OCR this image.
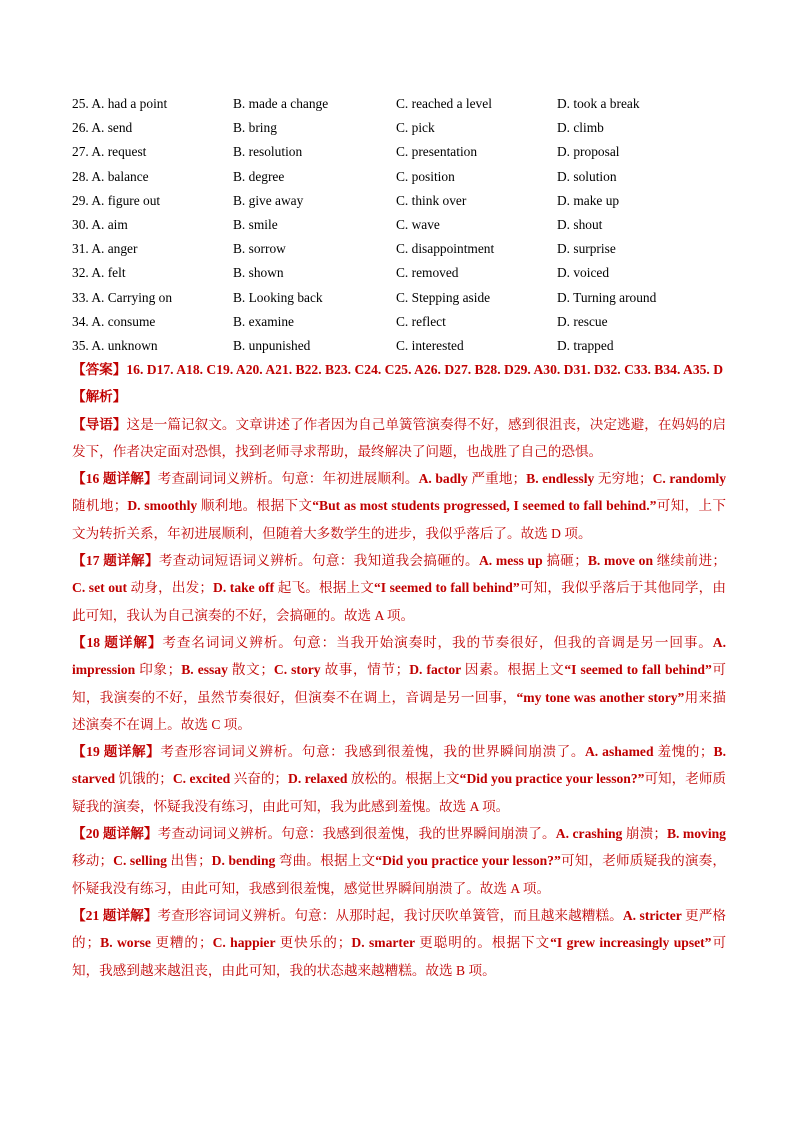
25. A. had a point	B. made a change	C. reached a level	D. took a break
26. A. send	B. bring	C. pick	D. climb
27. A. request	B. resolution	C. presentation	D. proposal
28. A. balance	B. degree	C. position	D. solution
29. A. figure out	B. give away	C. think over	D. make up
30. A. aim	B. smile	C. wave	D. shout
31. A. anger	B. sorrow	C. disappointment	D. surprise
32. A. felt	B. shown	C. removed	D. voiced
33. A. Carrying on	B. Looking back	C. Stepping aside	D. Turning around
34. A. consume	B. examine	C. reflect	D. rescue
35. A. unknown	B. unpunished	C. interested	D. trapped

【答案】16. D17. A18. C19. A20. A21. B22. B23. C24. C25. A26. D27. B28. D29. A30. D31. D32. C33. B34. A35. D

【解析】

【导语】这是一篇记叙文。文章讲述了作者因为自己单簧管演奏得不好，感到很沮丧，决定逃避，在妈妈的启发下，作者决定面对恐惧，找到老师寻求帮助，最终解决了问题，也战胜了自己的恐惧。

【16 题详解】考查副词词义辨析。句意：年初进展顺利。A. badly 严重地；B. endlessly 无穷地；C. randomly 随机地；D. smoothly 顺利地。根据下文“But as most students progressed, I seemed to fall behind.”可知，上下文为转折关系，年初进展顺利，但随着大多数学生的进步，我似乎落后了。故选 D 项。

【17 题详解】考查动词短语词义辨析。句意：我知道我会搞砸的。A. mess up 搞砸；B. move on 继续前进；C. set out 动身，出发；D. take off 起飞。根据上文“I seemed to fall behind”可知，我似乎落后于其他同学，由此可知，我认为自己演奏的不好，会搞砸的。故选 A 项。

【18 题详解】考查名词词义辨析。句意：当我开始演奏时，我的节奏很好，但我的音调是另一回事。A. impression 印象；B. essay 散文；C. story 故事，情节；D. factor 因素。根据上文“I seemed to fall behind”可知，我演奏的不好，虽然节奏很好，但演奏不在调上，音调是另一回事，“my tone was another story”用来描述演奏不在调上。故选 C 项。

【19 题详解】考查形容词词义辨析。句意：我感到很羞愧，我的世界瞬间崩溃了。A. ashamed 羞愧的；B. starved 饥饿的；C. excited 兴奋的；D. relaxed 放松的。根据上文“Did you practice your lesson?”可知，老师质疑我的演奏，怀疑我没有练习，由此可知，我为此感到羞愧。故选 A 项。

【20 题详解】考查动词词义辨析。句意：我感到很羞愧，我的世界瞬间崩溃了。A. crashing 崩溃；B. moving 移动；C. selling 出售；D. bending 弯曲。根据上文“Did you practice your lesson?”可知，老师质疑我的演奏，怀疑我没有练习，由此可知，我感到很羞愧，感觉世界瞬间崩溃了。故选 A 项。

【21 题详解】考查形容词词义辨析。句意：从那时起，我讨厌吹单簧管，而且越来越糟糕。A. stricter 更严格的；B. worse 更糟的；C. happier 更快乐的；D. smarter 更聪明的。根据下文“I grew increasingly upset”可知，我感到越来越沮丧，由此可知，我的状态越来越糟糕。故选 B 项。
